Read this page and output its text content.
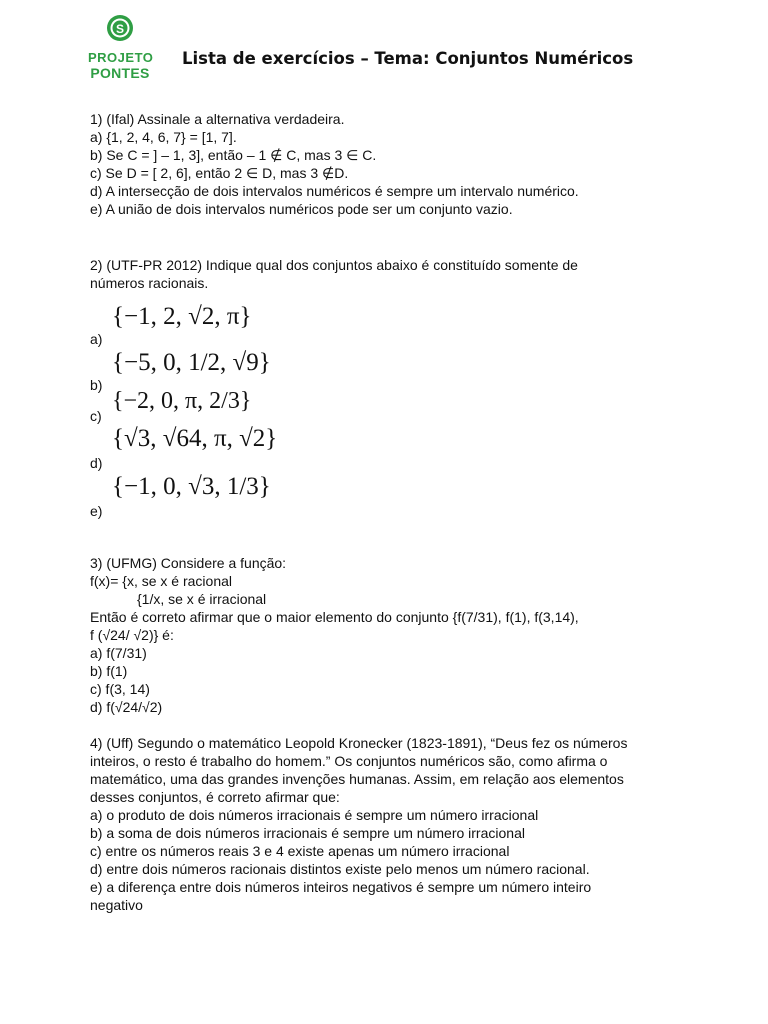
S
PROJETO
PONTES
Lista de exercícios – Tema: Conjuntos Numéricos
1) (Ifal) Assinale a alternativa verdadeira.
a) {1, 2, 4, 6, 7} = [1, 7].
b) Se C = ] – 1, 3], então – 1 ∉ C, mas 3 ∈ C.
c) Se D = [ 2, 6], então 2 ∈ D, mas 3 ∉D.
d) A intersecção de dois intervalos numéricos é sempre um intervalo numérico.
e) A união de dois intervalos numéricos pode ser um conjunto vazio.
2) (UTF-PR 2012) Indique qual dos conjuntos abaixo é constituído somente de
números racionais.
a)
{−1, 2, √2, π}
b)
{−5, 0, 1/2, √9}
c)
{−2, 0, π, 2/3}
d)
{√3, √64, π, √2}
e)
{−1, 0, √3, 1/3}
3) (UFMG) Considere a função:
f(x)= {x, se x é racional
{1/x, se x é irracional
Então é correto afirmar que o maior elemento do conjunto {f(7/31), f(1), f(3,14),
f (√24/ √2)} é:
a) f(7/31)
b) f(1)
c) f(3, 14)
d) f(√24/√2)
4) (Uff) Segundo o matemático Leopold Kronecker (1823-1891), “Deus fez os números
inteiros, o resto é trabalho do homem.” Os conjuntos numéricos são, como afirma o
matemático, uma das grandes invenções humanas. Assim, em relação aos elementos
desses conjuntos, é correto afirmar que:
a) o produto de dois números irracionais é sempre um número irracional
b) a soma de dois números irracionais é sempre um número irracional
c) entre os números reais 3 e 4 existe apenas um número irracional
d) entre dois números racionais distintos existe pelo menos um número racional.
e) a diferença entre dois números inteiros negativos é sempre um número inteiro
negativo
